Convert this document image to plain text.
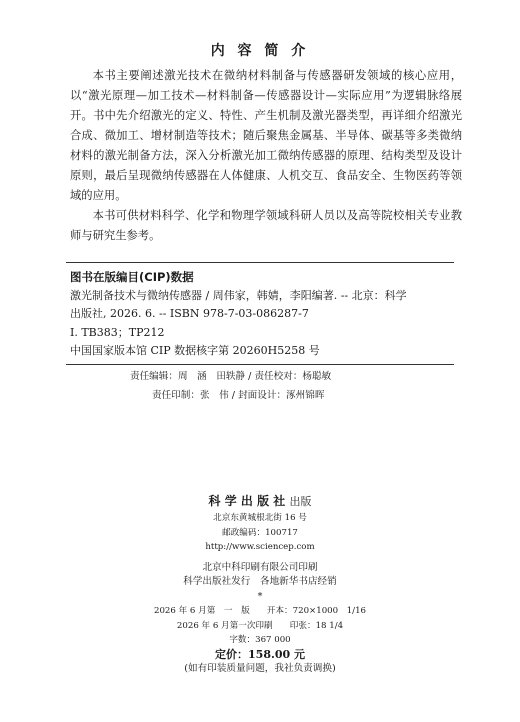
内 容 简 介

本书主要阐述激光技术在微纳材料制备与传感器研发领域的核心应用，以“激光原理—加工技术—材料制备—传感器设计—实际应用”为逻辑脉络展开。书中先介绍激光的定义、特性、产生机制及激光器类型，再详细介绍激光合成、微加工、增材制造等技术；随后聚焦金属基、半导体、碳基等多类微纳材料的激光制备方法，深入分析激光加工微纳传感器的原理、结构类型及设计原则，最后呈现微纳传感器在人体健康、人机交互、食品安全、生物医药等领域的应用。

本书可供材料科学、化学和物理学领域科研人员以及高等院校相关专业教师与研究生参考。

图书在版编目(CIP)数据
激光制备技术与微纳传感器 / 周伟家，韩婧，李阳编著. -- 北京：科学
出版社, 2026. 6. -- ISBN 978-7-03-086287-7
I. TB383；TP212
中国国家版本馆 CIP 数据核字第 20260H5258 号
责任编辑：周　涵　田轶静 / 责任校对：杨聪敏
责任印制：张　伟 / 封面设计：涿州锦晖
科 学 出 版 社 出版
北京东黄城根北街 16 号
邮政编码：100717
http://www.sciencep.com
北京中科印刷有限公司印刷
科学出版社发行　各地新华书店经销
*
2026 年 6 月第　一　版　　开本：720×1000　1/16
2026 年 6 月第一次印刷　　印张：18 1/4
字数：367 000
定价：158.00 元
(如有印装质量问题，我社负责调换)
